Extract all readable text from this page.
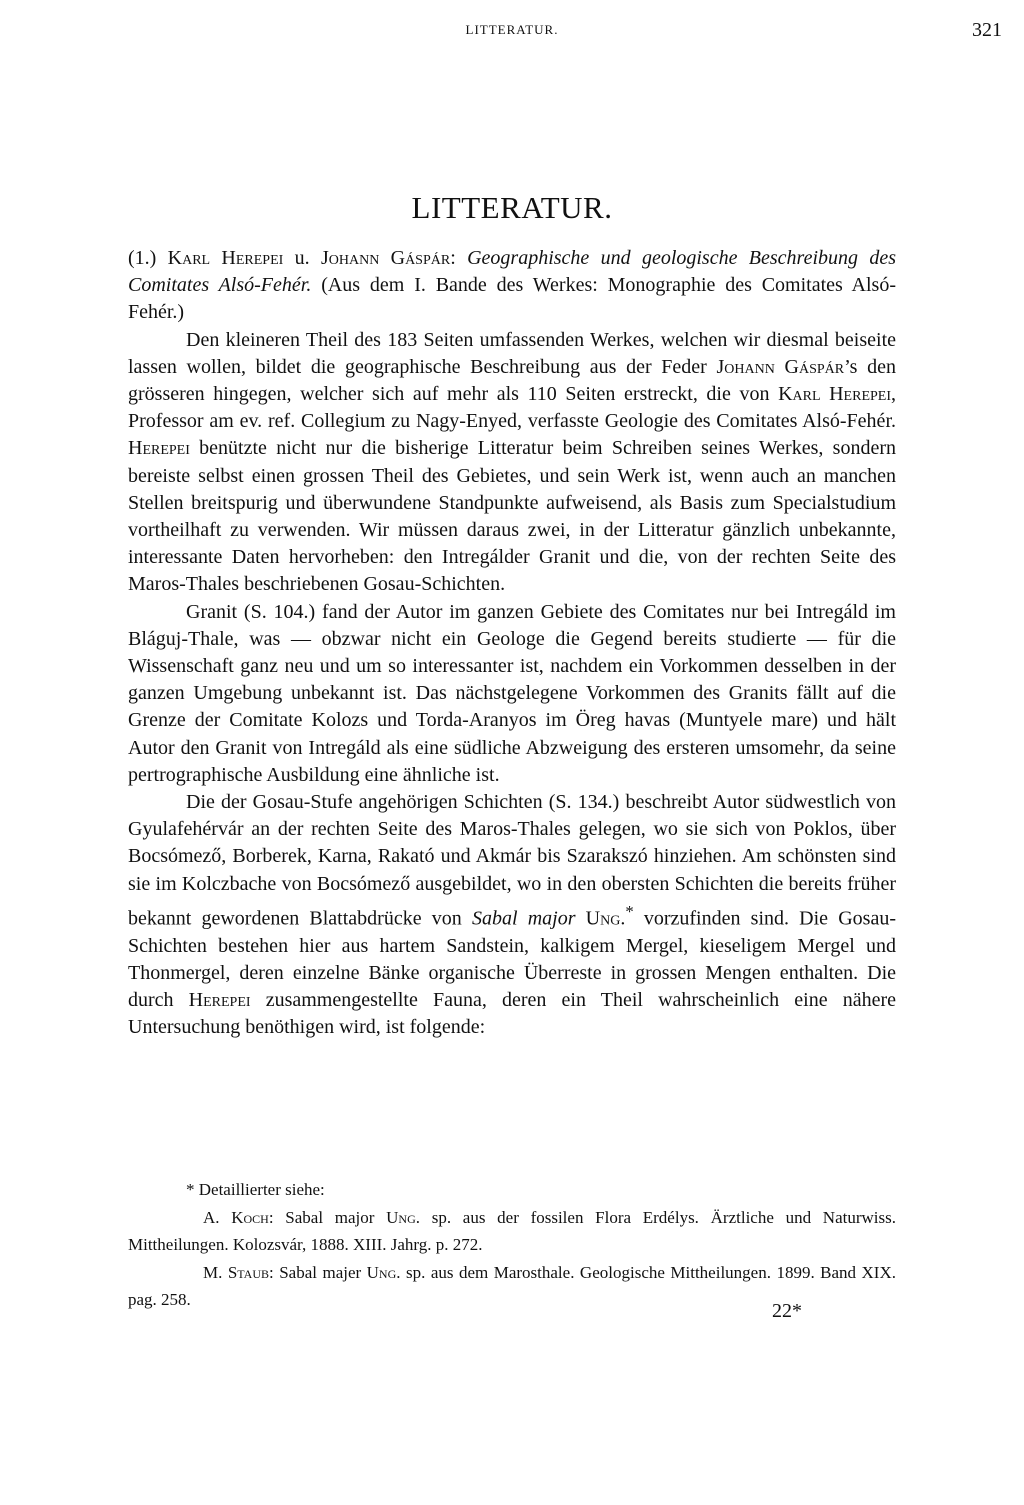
LITTERATUR.	321
LITTERATUR.

(1.) Karl Herepei u. Johann Gáspár: Geographische und geologische Beschreibung des Comitates Alsó-Fehér. (Aus dem I. Bande des Werkes: Monographie des Comitates Alsó-Fehér.)

Den kleineren Theil des 183 Seiten umfassenden Werkes, welchen wir diesmal beiseite lassen wollen, bildet die geographische Beschreibung aus der Feder Johann Gáspár’s den grösseren hingegen, welcher sich auf mehr als 110 Seiten erstreckt, die von Karl Herepei, Professor am ev. ref. Collegium zu Nagy-Enyed, verfasste Geologie des Comitates Alsó-Fehér. Herepei benützte nicht nur die bisherige Litteratur beim Schreiben seines Werkes, sondern bereiste selbst einen grossen Theil des Gebietes, und sein Werk ist, wenn auch an manchen Stellen breitspurig und überwundene Standpunkte aufweisend, als Basis zum Specialstudium vortheilhaft zu verwenden. Wir müssen daraus zwei, in der Litteratur gänzlich unbekannte, interessante Daten hervorheben: den Intregálder Granit und die, von der rechten Seite des Maros-Thales beschriebenen Gosau-Schichten.

Granit (S. 104.) fand der Autor im ganzen Gebiete des Comitates nur bei Intregáld im Bláguj-Thale, was — obzwar nicht ein Geologe die Gegend bereits studierte — für die Wissenschaft ganz neu und um so interessanter ist, nachdem ein Vorkommen desselben in der ganzen Umgebung unbekannt ist. Das nächstgelegene Vorkommen des Granits fällt auf die Grenze der Comitate Kolozs und Torda-Aranyos im Öreg havas (Muntyele mare) und hält Autor den Granit von Intregáld als eine südliche Abzweigung des ersteren umsomehr, da seine pertrographische Ausbildung eine ähnliche ist.

Die der Gosau-Stufe angehörigen Schichten (S. 134.) beschreibt Autor südwestlich von Gyulafehérvár an der rechten Seite des Maros-Thales gelegen, wo sie sich von Poklos, über Bocsómező, Borberek, Karna, Rakató und Akmár bis Szarakszó hinziehen. Am schönsten sind sie im Kolczbache von Bocsómező ausgebildet, wo in den obersten Schichten die bereits früher bekannt gewordenen Blattabdrücke von Sabal major Ung.* vorzufinden sind. Die Gosau-Schichten bestehen hier aus hartem Sandstein, kalkigem Mergel, kieseligem Mergel und Thonmergel, deren einzelne Bänke organische Überreste in grossen Mengen enthalten. Die durch Herepei zusammengestellte Fauna, deren ein Theil wahrscheinlich eine nähere Untersuchung benöthigen wird, ist folgende:

* Detaillierter siehe:

A. Koch: Sabal major Ung. sp. aus der fossilen Flora Erdélys. Ärztliche und Naturwiss. Mittheilungen. Kolozsvár, 1888. XIII. Jahrg. p. 272.

M. Staub: Sabal majer Ung. sp. aus dem Marosthale. Geologische Mittheilungen. 1899. Band XIX. pag. 258.

22*
